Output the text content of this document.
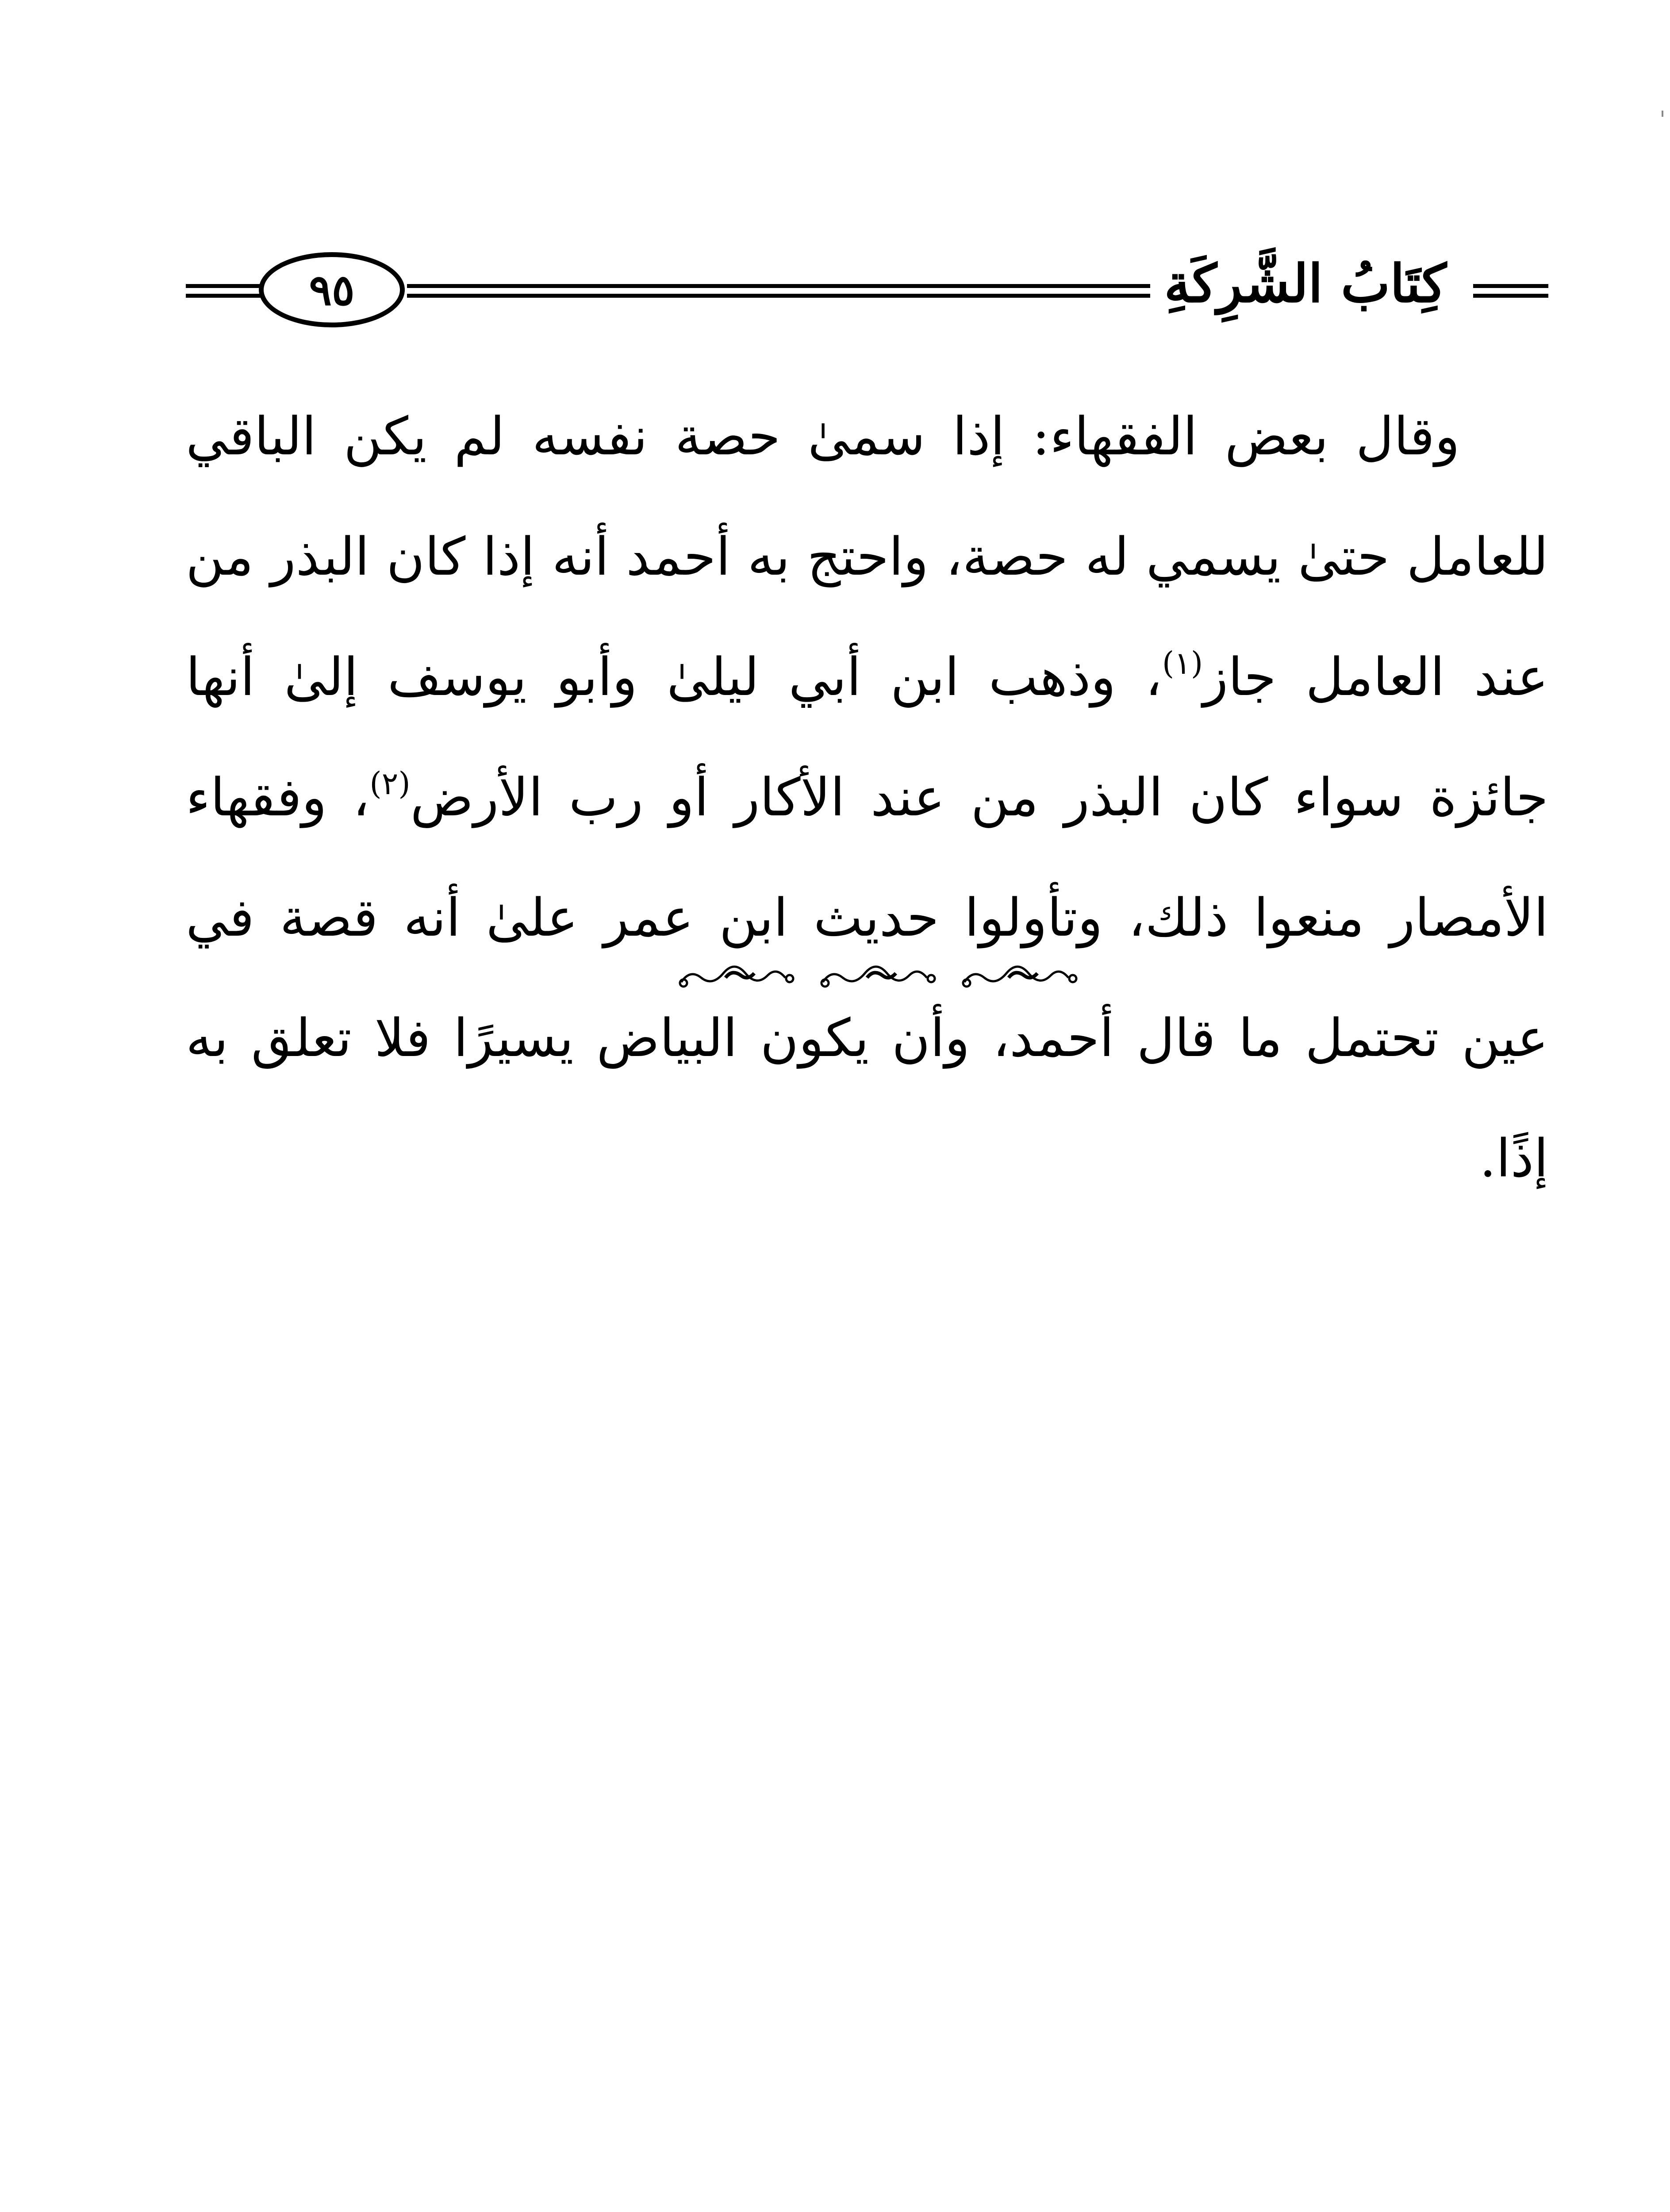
كِتَابُ الشَّرِكَةِ
٩٥

وقال بعض الفقهاء: إذا سمىٰ حصة نفسه لم يكن الباقي للعامل حتىٰ يسمي له حصة، واحتج به أحمد أنه إذا كان البذر من عند العامل جاز$^{(١)}$، وذهب ابن أبي ليلىٰ وأبو يوسف إلىٰ أنها جائزة سواء كان البذر من عند الأكار أو رب الأرض$^{(٢)}$، وفقهاء الأمصار منعوا ذلك، وتأولوا حديث ابن عمر علىٰ أنه قصة في عين تحتمل ما قال أحمد، وأن يكون البياض يسيرًا فلا تعلق به إذًا.
